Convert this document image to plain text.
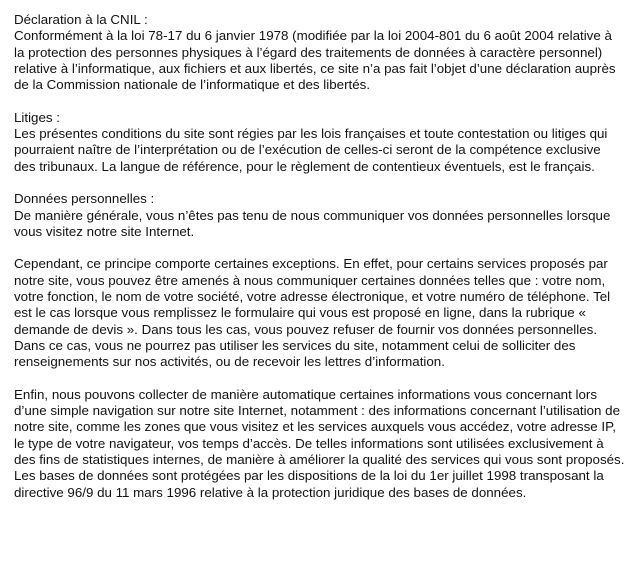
Déclaration à la CNIL :
Conformément à la loi 78-17 du 6 janvier 1978 (modifiée par la loi 2004-801 du 6 août 2004 relative à la protection des personnes physiques à l’égard des traitements de données à caractère personnel) relative à l’informatique, aux fichiers et aux libertés, ce site n’a pas fait l’objet d’une déclaration auprès de la Commission nationale de l’informatique et des libertés.
Litiges :
Les présentes conditions du site sont régies par les lois françaises et toute contestation ou litiges qui pourraient naître de l’interprétation ou de l’exécution de celles-ci seront de la compétence exclusive des tribunaux. La langue de référence, pour le règlement de contentieux éventuels, est le français.
Données personnelles :
De manière générale, vous n’êtes pas tenu de nous communiquer vos données personnelles lorsque vous visitez notre site Internet.
Cependant, ce principe comporte certaines exceptions. En effet, pour certains services proposés par notre site, vous pouvez être amenés à nous communiquer certaines données telles que : votre nom, votre fonction, le nom de votre société, votre adresse électronique, et votre numéro de téléphone. Tel est le cas lorsque vous remplissez le formulaire qui vous est proposé en ligne, dans la rubrique « demande de devis ». Dans tous les cas, vous pouvez refuser de fournir vos données personnelles. Dans ce cas, vous ne pourrez pas utiliser les services du site, notamment celui de solliciter des renseignements sur nos activités, ou de recevoir les lettres d’information.
Enfin, nous pouvons collecter de manière automatique certaines informations vous concernant lors d’une simple navigation sur notre site Internet, notamment : des informations concernant l’utilisation de notre site, comme les zones que vous visitez et les services auxquels vous accédez, votre adresse IP, le type de votre navigateur, vos temps d’accès. De telles informations sont utilisées exclusivement à des fins de statistiques internes, de manière à améliorer la qualité des services qui vous sont proposés. Les bases de données sont protégées par les dispositions de la loi du 1er juillet 1998 transposant la directive 96/9 du 11 mars 1996 relative à la protection juridique des bases de données.
